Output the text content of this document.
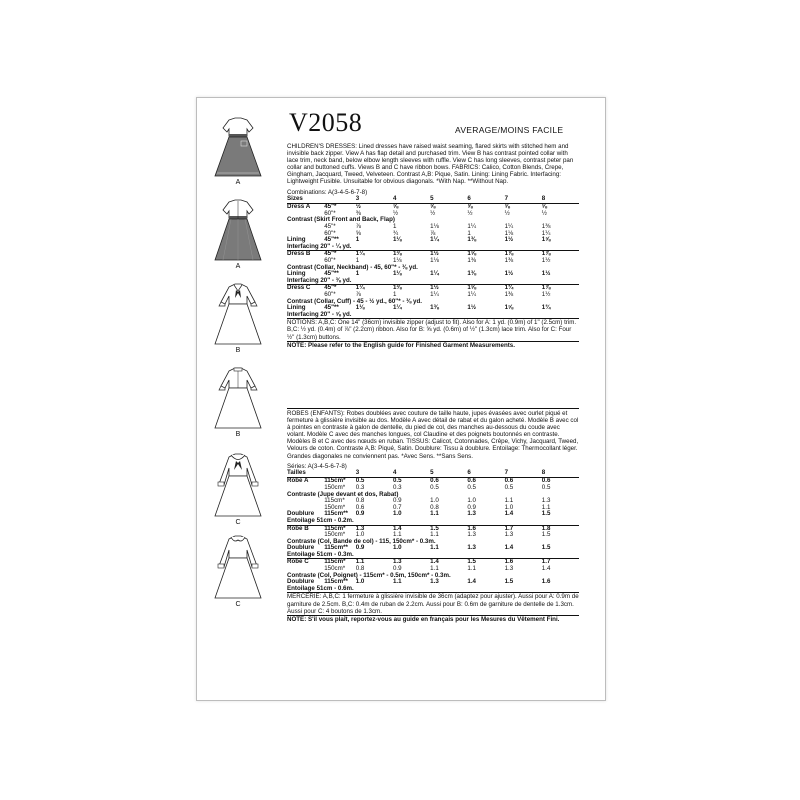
A
A
B
B
C
C
V2058	AVERAGE/MOINS FACILE

CHILDREN'S DRESSES: Lined dresses have raised waist seaming, flared skirts with stitched hem and invisible back zipper. View A has flap detail and purchased trim. View B has contrast pointed collar with lace trim, neck band, below elbow length sleeves with ruffle. View C has long sleeves, contrast peter pan collar and buttoned cuffs. Views B and C have ribbon bows. FABRICS: Calico, Cotton Blends, Crepe, Gingham, Jacquard, Tweed, Velveteen. Contrast A,B: Pique, Satin. Lining: Lining Fabric. Interfacing: Lightweight Fusible. Unsuitable for obvious diagonals. *With Nap. **Without Nap.

Combinations: A(3-4-5-6-7-8)

Sizes		3	4	5	6	7	8
Dress A	45"*	½	⅝	⅝	⅝	⅝	⅝
	60"*	⅜	½	½	½	½	½
Contrast (Skirt Front and Back, Flap)							
	45"*	⅞	1	1⅛	1¼	1¼	1⅜
	60"*	⅝	¾	⅞	1	1⅛	1¼
Lining	45"**	1	1⅛	1¼	1⅜	1½	1⅝
Interfacing 20" - ¼ yd.							
Dress B	45"*	1¼	1⅜	1½	1⅝	1⅞	1⅞
	60"*	1	1⅛	1⅛	1⅜	1⅜	1½
Contrast (Collar, Neckband) - 45, 60"* - ⅜ yd.							
Lining	45"**	1	1⅛	1¼	1⅜	1½	1½
Interfacing 20" - ⅜ yd.							
Dress C	45"*	1¼	1⅜	1½	1⅝	1¾	1⅞
	60"*	⅞	1	1¼	1¼	1⅜	1½
Contrast (Collar, Cuff) - 45 - ½ yd., 60"* - ⅜ yd.							
Lining	45"**	1⅛	1¼	1⅜	1½	1⅝	1¾
Interfacing 20" - ⅝ yd.							

NOTIONS: A,B,C: One 14" (36cm) invisible zipper (adjust to fit). Also for A: 1 yd. (0.9m) of 1" (2.5cm) trim. B,C: ½ yd. (0.4m) of ⅞" (2.2cm) ribbon. Also for B: ⅝ yd. (0.6m) of ½" (1.3cm) lace trim. Also for C: Four ½" (1.3cm) buttons.

NOTE: Please refer to the English guide for Finished Garment Measurements.

ROBES (ENFANTS): Robes doublées avec couture de taille haute, jupes évasées avec ourlet piqué et fermeture à glissière invisible au dos. Modèle A avec détail de rabat et du galon acheté. Modèle B avec col à pointes en contraste à galon de dentelle, du pied de col, des manches au-dessous du coude avec volant. Modèle C avec des manches longues, col Claudine et des poignets boutonnés en contraste. Modèles B et C avec des nœuds en ruban. TISSUS: Calicot, Cotonnades, Crêpe, Vichy, Jacquard, Tweed, Velours de coton. Contraste A,B: Piqué, Satin. Doublure: Tissu à doublure. Entoilage: Thermocollant léger. Grandes diagonales ne conviennent pas. *Avec Sens. **Sans Sens.

Séries: A(3-4-5-6-7-8)

Tailles		3	4	5	6	7	8
Robe A	115cm*	0.5	0.5	0.6	0.6	0.6	0.6
	150cm*	0.3	0.3	0.5	0.5	0.5	0.5
Contraste (Jupe devant et dos, Rabat)							
	115cm*	0.8	0.9	1.0	1.0	1.1	1.3
	150cm*	0.6	0.7	0.8	0.9	1.0	1.1
Doublure	115cm**	0.9	1.0	1.1	1.3	1.4	1.5
Entoilage 51cm - 0.2m.							
Robe B	115cm*	1.3	1.4	1.5	1.6	1.7	1.8
	150cm*	1.0	1.1	1.1	1.3	1.3	1.5
Contraste (Col, Bande de col) - 115, 150cm* - 0.3m.							
Doublure	115cm**	0.9	1.0	1.1	1.3	1.4	1.5
Entoilage 51cm - 0.3m.							
Robe C	115cm*	1.1	1.3	1.4	1.5	1.6	1.7
	150cm*	0.8	0.9	1.1	1.1	1.3	1.4
Contraste (Col, Poignet) - 115cm* - 0.5m, 150cm* - 0.3m.							
Doublure	115cm**	1.0	1.1	1.3	1.4	1.5	1.6
Entoilage 51cm - 0.6m.							

MERCERIE: A,B,C: 1 fermeture à glissière invisible de 36cm (adaptez pour ajuster). Aussi pour A: 0.9m de garniture de 2.5cm. B,C: 0.4m de ruban de 2.2cm. Aussi pour B: 0.6m de garniture de dentelle de 1.3cm. Aussi pour C: 4 boutons de 1.3cm.

NOTE: S'il vous plaît, reportez-vous au guide en français pour les Mesures du Vêtement Fini.
